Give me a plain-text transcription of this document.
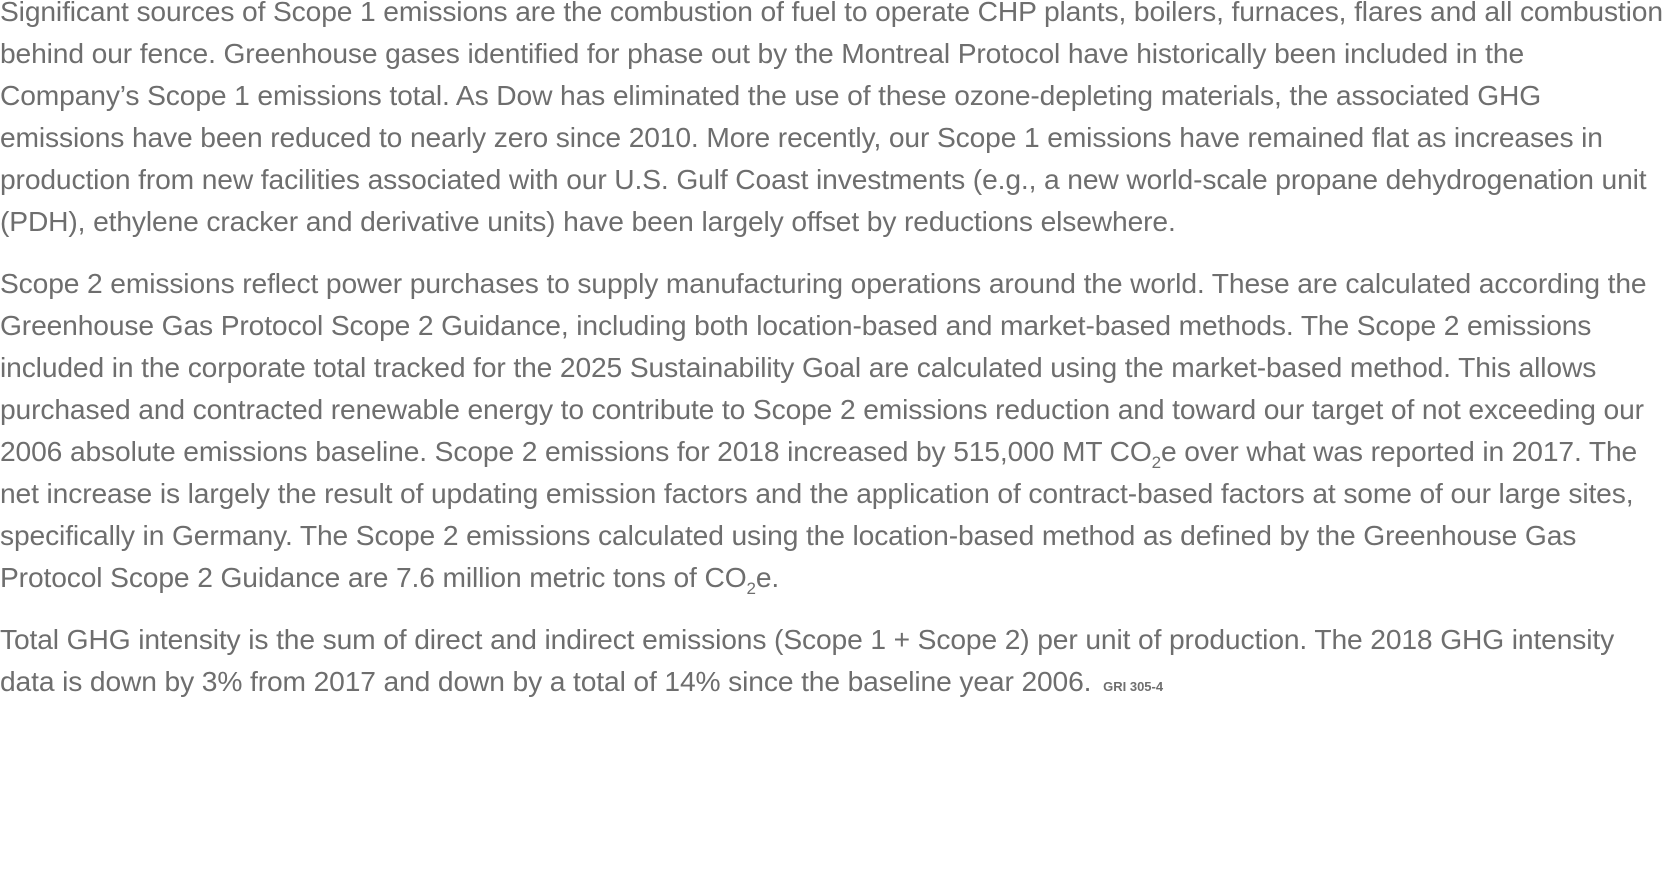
Significant sources of Scope 1 emissions are the combustion of fuel to operate CHP plants, boilers, furnaces, flares and all combustion behind our fence. Greenhouse gases identified for phase out by the Montreal Protocol have historically been included in the Company’s Scope 1 emissions total. As Dow has eliminated the use of these ozone-depleting materials, the associated GHG emissions have been reduced to nearly zero since 2010. More recently, our Scope 1 emissions have remained flat as increases in production from new facilities associated with our U.S. Gulf Coast investments (e.g., a new world-scale propane dehydrogenation unit (PDH), ethylene cracker and derivative units) have been largely offset by reductions elsewhere.

Scope 2 emissions reflect power purchases to supply manufacturing operations around the world. These are calculated according the Greenhouse Gas Protocol Scope 2 Guidance, including both location-based and market-based methods. The Scope 2 emissions included in the corporate total tracked for the 2025 Sustainability Goal are calculated using the market-based method. This allows purchased and contracted renewable energy to contribute to Scope 2 emissions reduction and toward our target of not exceeding our 2006 absolute emissions baseline. Scope 2 emissions for 2018 increased by 515,000 MT $CO_2e$ over what was reported in 2017. The net increase is largely the result of updating emission factors and the application of contract-based factors at some of our large sites, specifically in Germany. The Scope 2 emissions calculated using the location-based method as defined by the Greenhouse Gas Protocol Scope 2 Guidance are 7.6 million metric tons of $CO_2e$.

Total GHG intensity is the sum of direct and indirect emissions (Scope 1 + Scope 2) per unit of production. The 2018 GHG intensity data is down by 3% from 2017 and down by a total of 14% since the baseline year 2006. GRI 305-4
